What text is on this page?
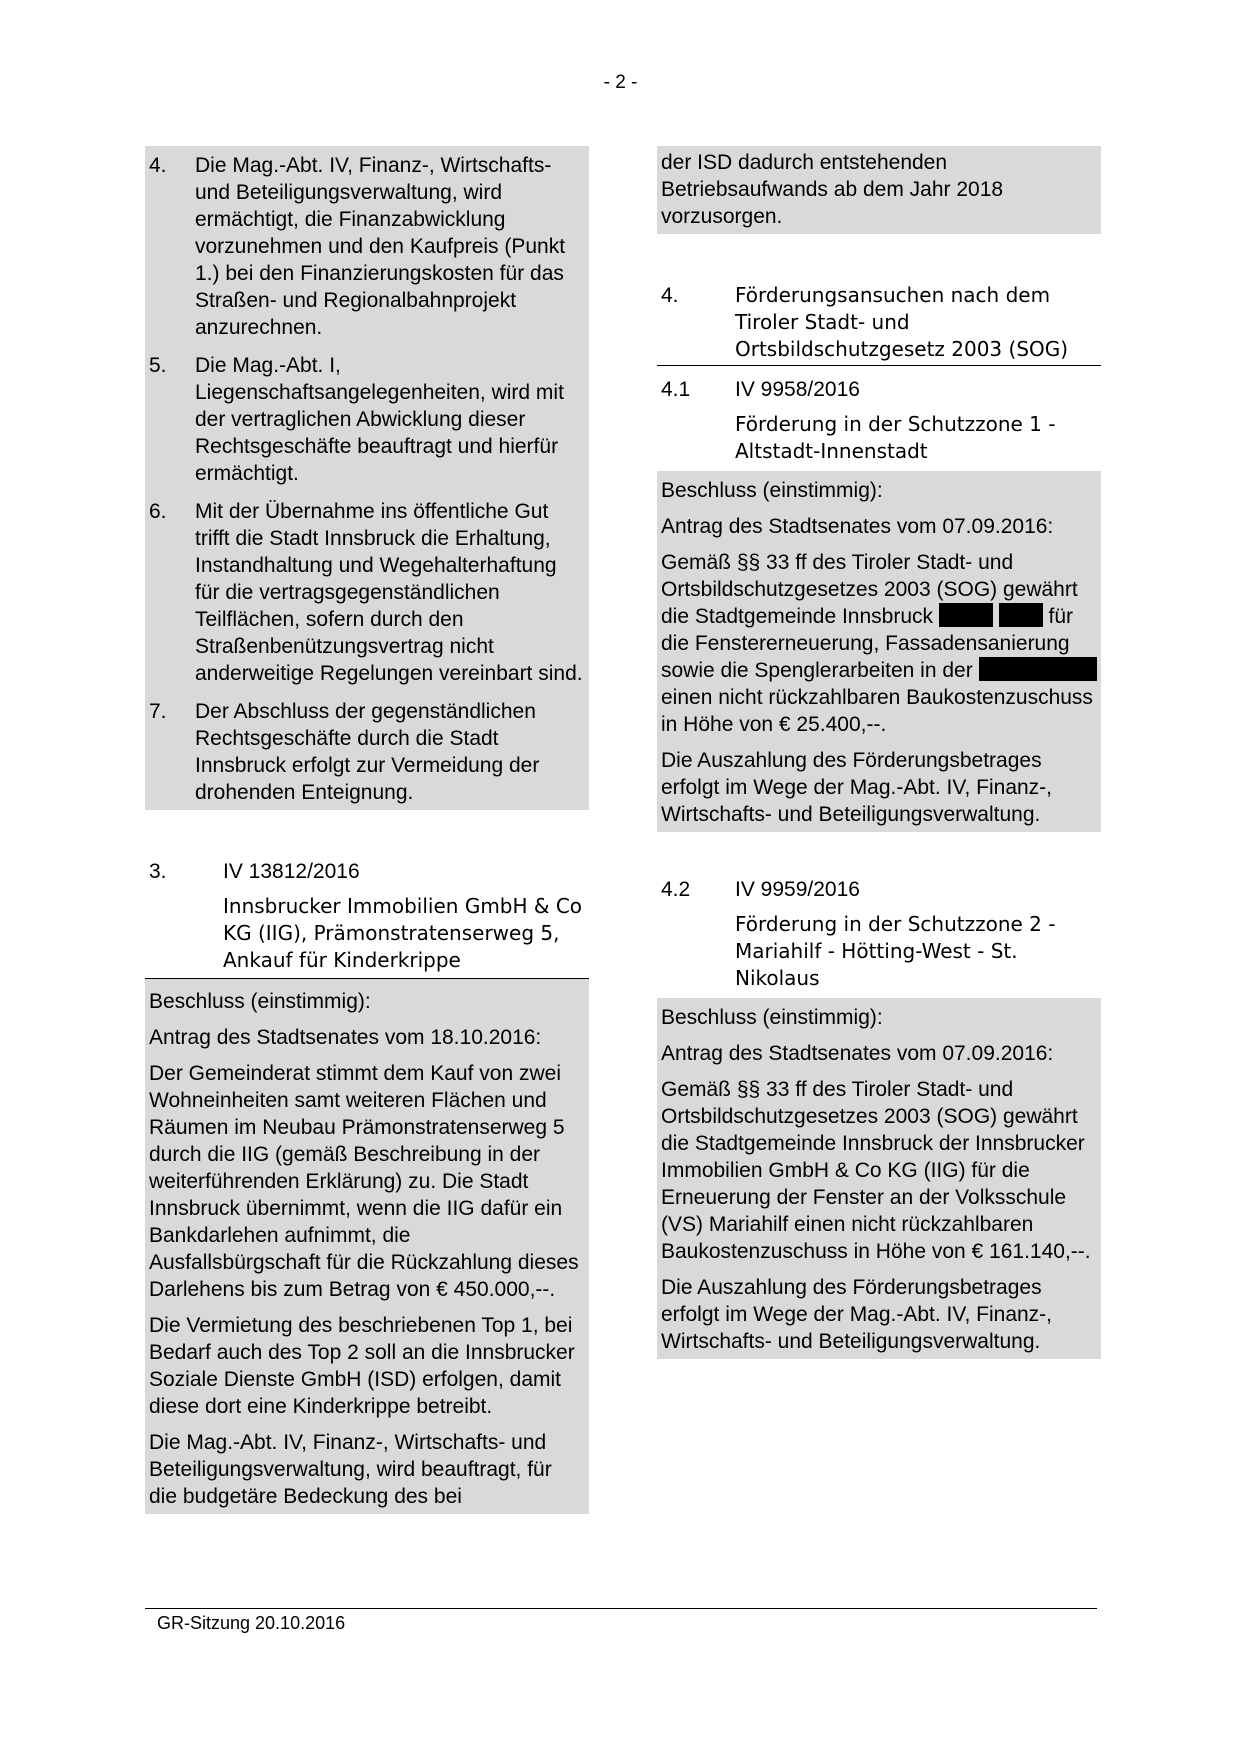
- 2 -
4.	Die Mag.-Abt. IV, Finanz-, Wirtschafts- und Beteiligungsverwaltung, wird ermächtigt, die Finanzabwicklung vorzunehmen und den Kaufpreis (Punkt 1.) bei den Finanzierungskosten für das Straßen- und Regionalbahnprojekt anzurechnen.
5.	Die Mag.-Abt. I, Liegenschaftsangelegenheiten, wird mit der vertraglichen Abwicklung dieser Rechtsgeschäfte beauftragt und hierfür ermächtigt.
6.	Mit der Übernahme ins öffentliche Gut trifft die Stadt Innsbruck die Erhaltung, Instandhaltung und Wegehalterhaftung für die vertragsgegenständlichen Teilflächen, sofern durch den Straßenbenützungsvertrag nicht anderweitige Regelungen vereinbart sind.
7.	Der Abschluss der gegenständlichen Rechtsgeschäfte durch die Stadt Innsbruck erfolgt zur Vermeidung der drohenden Enteignung.
3.	IV 13812/2016
Innsbrucker Immobilien GmbH & Co KG (IIG), Prämonstratenserweg 5, Ankauf für Kinderkrippe

Beschluss (einstimmig):

Antrag des Stadtsenates vom 18.10.2016:

Der Gemeinderat stimmt dem Kauf von zwei Wohneinheiten samt weiteren Flächen und Räumen im Neubau Prämonstratenserweg 5 durch die IIG (gemäß Beschreibung in der weiterführenden Erklärung) zu. Die Stadt Innsbruck übernimmt, wenn die IIG dafür ein Bankdarlehen aufnimmt, die Ausfallsbürgschaft für die Rückzahlung dieses Darlehens bis zum Betrag von € 450.000,--.

Die Vermietung des beschriebenen Top 1, bei Bedarf auch des Top 2 soll an die Innsbrucker Soziale Dienste GmbH (ISD) erfolgen, damit diese dort eine Kinderkrippe betreibt.

Die Mag.-Abt. IV, Finanz-, Wirtschafts- und Beteiligungsverwaltung, wird beauftragt, für die budgetäre Bedeckung des bei

der ISD dadurch entstehenden Betriebsaufwands ab dem Jahr 2018 vorzusorgen.

4.	Förderungsansuchen nach dem Tiroler Stadt- und Ortsbildschutzgesetz 2003 (SOG)
4.1	IV 9958/2016
Förderung in der Schutzzone 1 - Altstadt-Innenstadt

Beschluss (einstimmig):

Antrag des Stadtsenates vom 07.09.2016:

Gemäß §§ 33 ff des Tiroler Stadt- und Ortsbildschutzgesetzes 2003 (SOG) gewährt die Stadtgemeinde Innsbruck	für die Fenstererneuerung, Fassadensanierung sowie die Spenglerarbeiten in der  einen nicht rückzahlbaren Baukostenzuschuss in Höhe von € 25.400,--.

Die Auszahlung des Förderungsbetrages erfolgt im Wege der Mag.-Abt. IV, Finanz-, Wirtschafts- und Beteiligungsverwaltung.

4.2	IV 9959/2016
Förderung in der Schutzzone 2 - Mariahilf - Hötting-West - St. Nikolaus

Beschluss (einstimmig):

Antrag des Stadtsenates vom 07.09.2016:

Gemäß §§ 33 ff des Tiroler Stadt- und Ortsbildschutzgesetzes 2003 (SOG) gewährt die Stadtgemeinde Innsbruck der Innsbrucker Immobilien GmbH & Co KG (IIG) für die Erneuerung der Fenster an der Volksschule (VS) Mariahilf einen nicht rückzahlbaren Baukostenzuschuss in Höhe von € 161.140,--.

Die Auszahlung des Förderungsbetrages erfolgt im Wege der Mag.-Abt. IV, Finanz-, Wirtschafts- und Beteiligungsverwaltung.

GR-Sitzung 20.10.2016
